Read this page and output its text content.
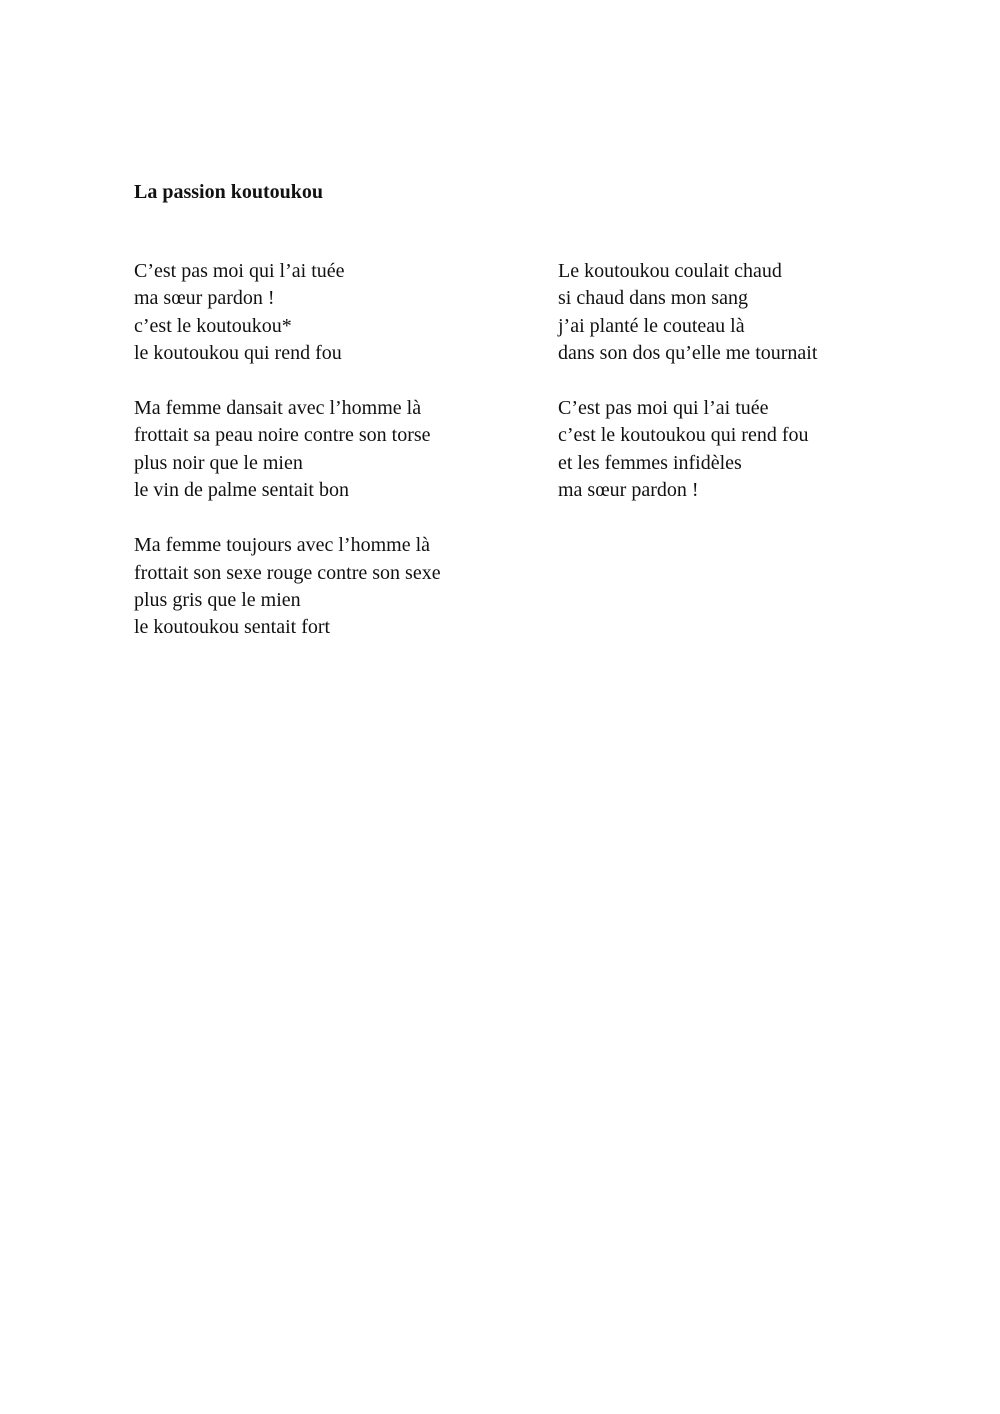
La passion koutoukou
C’est pas moi qui l’ai tuée
ma sœur pardon !
c’est le koutoukou*
le koutoukou qui rend fou
Ma femme dansait avec l’homme là
frottait sa peau noire contre son torse
plus noir que le mien
le vin de palme sentait bon
Ma femme toujours avec l’homme là
frottait son sexe rouge contre son sexe
plus gris que le mien
le koutoukou sentait fort
Le koutoukou coulait chaud
si chaud dans mon sang
j’ai planté le couteau là
dans son dos qu’elle me tournait
C’est pas moi qui l’ai tuée
c’est le koutoukou qui rend fou
et les femmes infidèles
ma sœur pardon !
